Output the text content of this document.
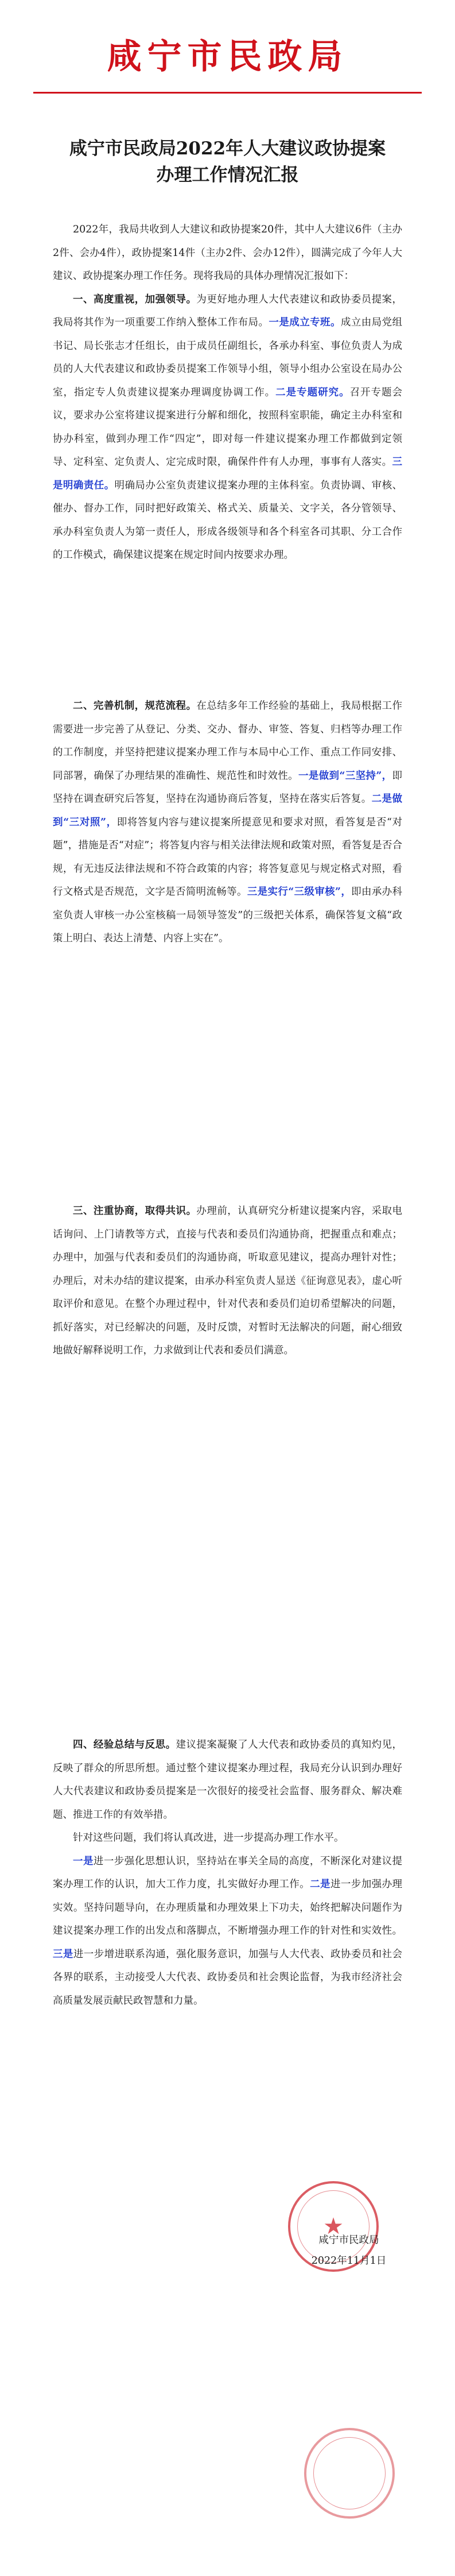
咸宁市民政局
咸宁市民政局2022年人大建议政协提案
办理工作情况汇报

2022年，我局共收到人大建议和政协提案20件，其中人大建议6件（主办2件、会办4件），政协提案14件（主办2件、会办12件），圆满完成了今年人大建议、政协提案办理工作任务。现将我局的具体办理情况汇报如下：

一、高度重视，加强领导。为更好地办理人大代表建议和政协委员提案，我局将其作为一项重要工作纳入整体工作布局。一是成立专班。成立由局党组书记、局长张志才任组长，由于成员任副组长，各承办科室、事位负责人为成员的人大代表建议和政协委员提案工作领导小组，领导小组办公室设在局办公室，指定专人负责建议提案办理调度协调工作。二是专题研究。召开专题会议，要求办公室将建议提案进行分解和细化，按照科室职能，确定主办科室和协办科室，做到办理工作“四定”，即对每一件建议提案办理工作都做到定领导、定科室、定负责人、定完成时限，确保件件有人办理，事事有人落实。三是明确责任。明确局办公室负责建议提案办理的主体科室。负责协调、审核、催办、督办工作，同时把好政策关、格式关、质量关、文字关，各分管领导、承办科室负责人为第一责任人，形成各级领导和各个科室各司其职、分工合作的工作模式，确保建议提案在规定时间内按要求办理。

二、完善机制，规范流程。在总结多年工作经验的基础上，我局根据工作需要进一步完善了从登记、分类、交办、督办、审签、答复、归档等办理工作的工作制度，并坚持把建议提案办理工作与本局中心工作、重点工作同安排、同部署，确保了办理结果的准确性、规范性和时效性。一是做到“三坚持”，即坚持在调查研究后答复，坚持在沟通协商后答复，坚持在落实后答复。二是做到“三对照”，即将答复内容与建议提案所提意见和要求对照，看答复是否“对题”，措施是否“对症”；将答复内容与相关法律法规和政策对照，看答复是否合规，有无违反法律法规和不符合政策的内容；将答复意见与规定格式对照，看行文格式是否规范，文字是否简明流畅等。三是实行“三级审核”，即由承办科室负责人审核一办公室核稿一局领导签发”的三级把关体系，确保答复文稿“政策上明白、表达上清楚、内容上实在”。

三、注重协商，取得共识。办理前，认真研究分析建议提案内容，采取电话询问、上门请教等方式，直接与代表和委员们沟通协商，把握重点和难点；办理中，加强与代表和委员们的沟通协商，听取意见建议，提高办理针对性；办理后，对未办结的建议提案，由承办科室负责人显送《征询意见表》，虚心听取评价和意见。在整个办理过程中，针对代表和委员们迫切希望解决的问题，抓好落实，对已经解决的问题，及时反馈，对暂时无法解决的问题，耐心细致地做好解释说明工作，力求做到让代表和委员们满意。

四、经验总结与反思。建议提案凝聚了人大代表和政协委员的真知灼见，反映了群众的所思所想。通过整个建议提案办理过程，我局充分认识到办理好人大代表建议和政协委员提案是一次很好的接受社会监督、服务群众、解决难题、推进工作的有效举措。

针对这些问题，我们将认真改进，进一步提高办理工作水平。

一是进一步强化思想认识，坚持站在事关全局的高度，不断深化对建议提案办理工作的认识，加大工作力度，扎实做好办理工作。二是进一步加强办理实效。坚持问题导向，在办理质量和办理效果上下功夫，始终把解决问题作为建议提案办理工作的出发点和落脚点，不断增强办理工作的针对性和实效性。三是进一步增进联系沟通，强化服务意识，加强与人大代表、政协委员和社会各界的联系，主动接受人大代表、政协委员和社会舆论监督，为我市经济社会高质量发展贡献民政智慧和力量。

★
咸宁市民政局
2022年11月1日
